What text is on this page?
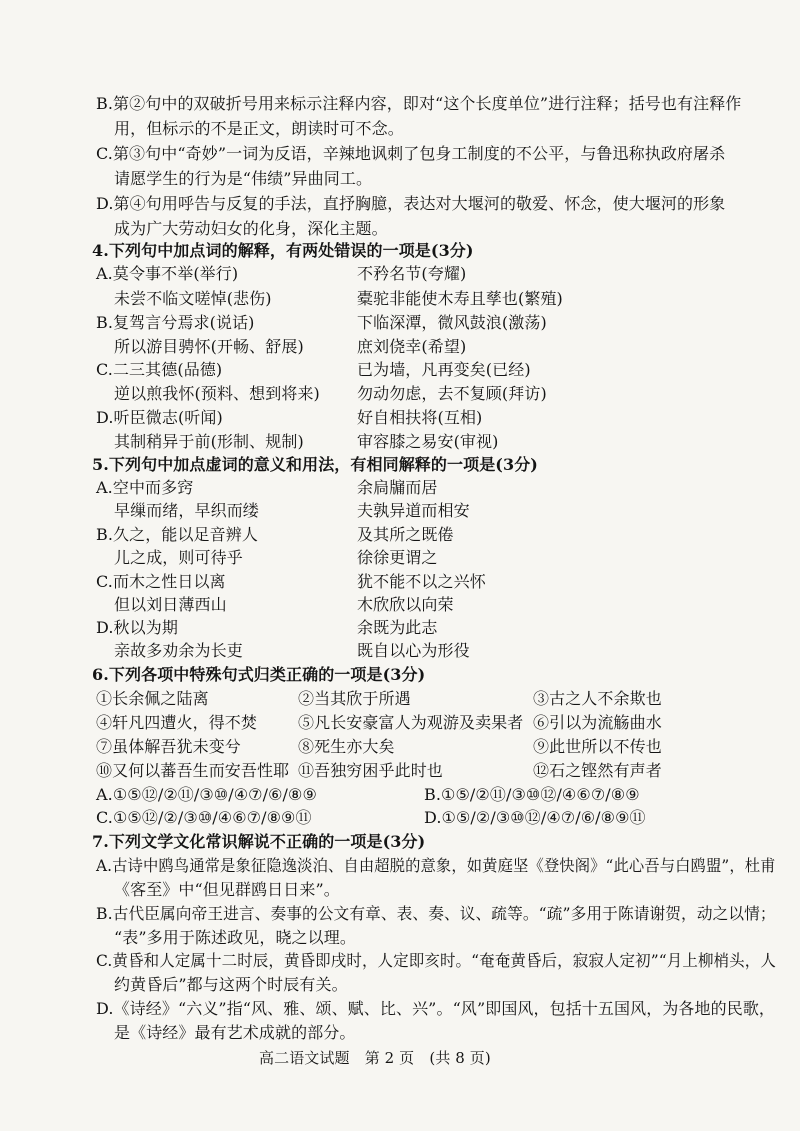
B.第②句中的双破折号用来标示注释内容，即对“这个长度单位”进行注释；括号也有注释作
用，但标示的不是正文，朗读时可不念。
C.第③句中“奇妙”一词为反语，辛辣地讽刺了包身工制度的不公平，与鲁迅称执政府屠杀
请愿学生的行为是“伟绩”异曲同工。
D.第④句用呼告与反复的手法，直抒胸臆，表达对大堰河的敬爱、怀念，使大堰河的形象
成为广大劳动妇女的化身，深化主题。
4.下列句中加点词的解释，有两处错误的一项是(3分)
A.莫令事不举(举行)	不矜名节(夸耀)
未尝不临文嗟悼(悲伤)	橐驼非能使木寿且孳也(繁殖)
B.复驾言兮焉求(说话)	下临深潭，微风鼓浪(激荡)
所以游目骋怀(开畅、舒展)	庶刘侥幸(希望)
C.二三其德(品德)	已为墙，凡再变矣(已经)
逆以煎我怀(预料、想到将来) 勿动勿虑，去不复顾(拜访)
D.听臣微志(听闻)	好自相扶将(互相)
其制稍异于前(形制、规制)	审容膝之易安(审视)
5.下列句中加点虚词的意义和用法，有相同解释的一项是(3分)
A.空中而多窍	余扃牖而居
早缫而绪，早织而缕	夫孰异道而相安
B.久之，能以足音辨人	及其所之既倦
儿之成，则可待乎	徐徐更谓之
C.而木之性日以离	犹不能不以之兴怀
但以刘日薄西山	木欣欣以向荣
D.秋以为期	余既为此志
亲故多劝余为长吏	既自以心为形役
6.下列各项中特殊句式归类正确的一项是(3分)
①长余佩之陆离	②当其欣于所遇	③古之人不余欺也
④轩凡四遭火，得不焚	⑤凡长安豪富人为观游及卖果者 ⑥引以为流觞曲水
⑦虽体解吾犹未变兮	⑧死生亦大矣	⑨此世所以不传也
⑩又何以蕃吾生而安吾性耶 ⑪吾独穷困乎此时也	⑫石之铿然有声者
A.①⑤⑫/②⑪/③⑩/④⑦/⑥/⑧⑨	B.①⑤/②⑪/③⑩⑫/④⑥⑦/⑧⑨
C.①⑤⑫/②/③⑩/④⑥⑦/⑧⑨⑪	D.①⑤/②/③⑩⑫/④⑦/⑥/⑧⑨⑪
7.下列文学文化常识解说不正确的一项是(3分)
A.古诗中鸥鸟通常是象征隐逸淡泊、自由超脱的意象，如黄庭坚《登快阁》“此心吾与白鸥盟”，杜甫
《客至》中“但见群鸥日日来”。
B.古代臣属向帝王进言、奏事的公文有章、表、奏、议、疏等。“疏”多用于陈请谢贺，动之以情；
“表”多用于陈述政见，晓之以理。
C.黄昏和人定属十二时辰，黄昏即戌时，人定即亥时。“奄奄黄昏后，寂寂人定初”“月上柳梢头，人
约黄昏后”都与这两个时辰有关。
D.《诗经》“六义”指“风、雅、颂、赋、比、兴”。“风”即国风，包括十五国风，为各地的民歌，
是《诗经》最有艺术成就的部分。
高二语文试题　第 2 页　(共 8 页)
